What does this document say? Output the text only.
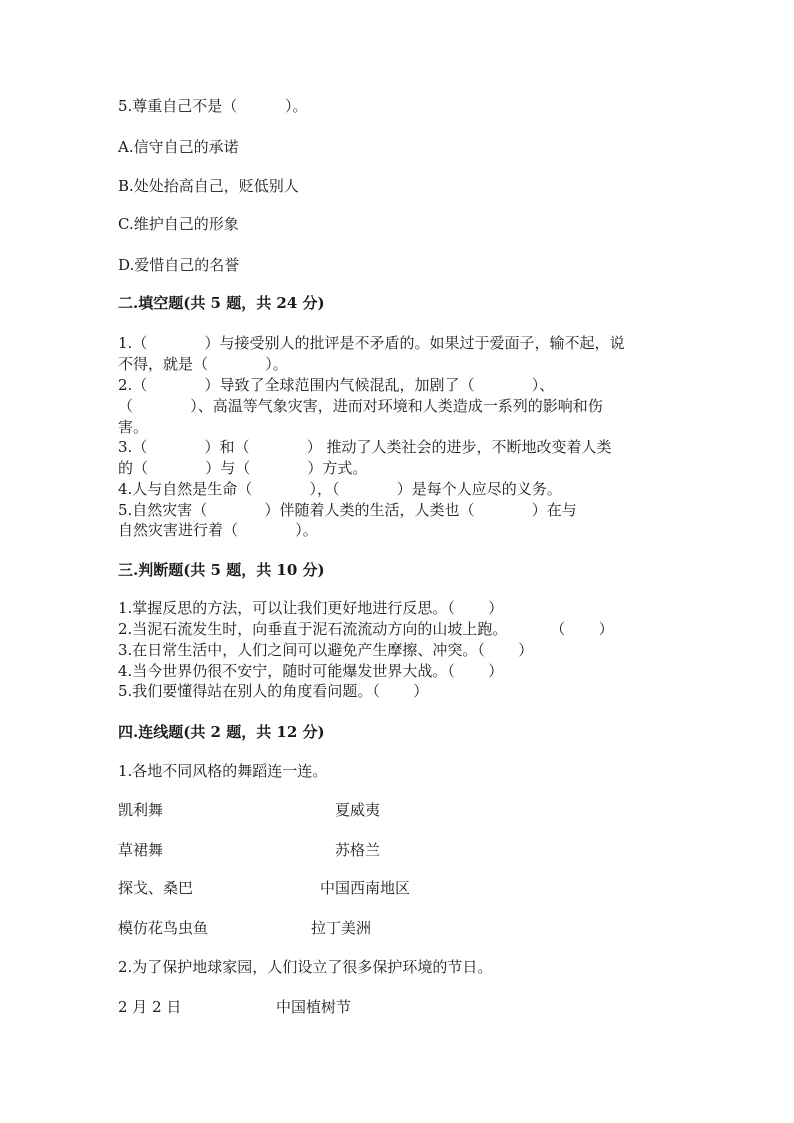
5.尊重自己不是（          ）。
A.信守自己的承诺
B.处处抬高自己，贬低别人
C.维护自己的形象
D.爱惜自己的名誉
二.填空题(共 5 题，共 24 分)
1.（            ）与接受别人的批评是不矛盾的。如果过于爱面子，输不起，说
不得，就是（            ）。
2.（            ）导致了全球范围内气候混乱，加剧了（            ）、
（            ）、高温等气象灾害，进而对环境和人类造成一系列的影响和伤
害。
3.（            ）和（            ） 推动了人类社会的进步，不断地改变着人类
的（            ）与（            ）方式。
4.人与自然是生命（            ），（            ）是每个人应尽的义务。
5.自然灾害（            ）伴随着人类的生活，人类也（            ）在与
自然灾害进行着（            ）。
三.判断题(共 5 题，共 10 分)
1.掌握反思的方法，可以让我们更好地进行反思。（       ）
2.当泥石流发生时，向垂直于泥石流流动方向的山坡上跑。         （       ）
3.在日常生活中，人们之间可以避免产生摩擦、冲突。（       ）
4.当今世界仍很不安宁，随时可能爆发世界大战。（       ）
5.我们要懂得站在别人的角度看问题。（       ）
四.连线题(共 2 题，共 12 分)
1.各地不同风格的舞蹈连一连。
凯利舞	夏威夷
草裙舞	苏格兰
探戈、桑巴	中国西南地区
模仿花鸟虫鱼	拉丁美洲
2.为了保护地球家园，人们设立了很多保护环境的节日。
2 月 2 日	中国植树节
